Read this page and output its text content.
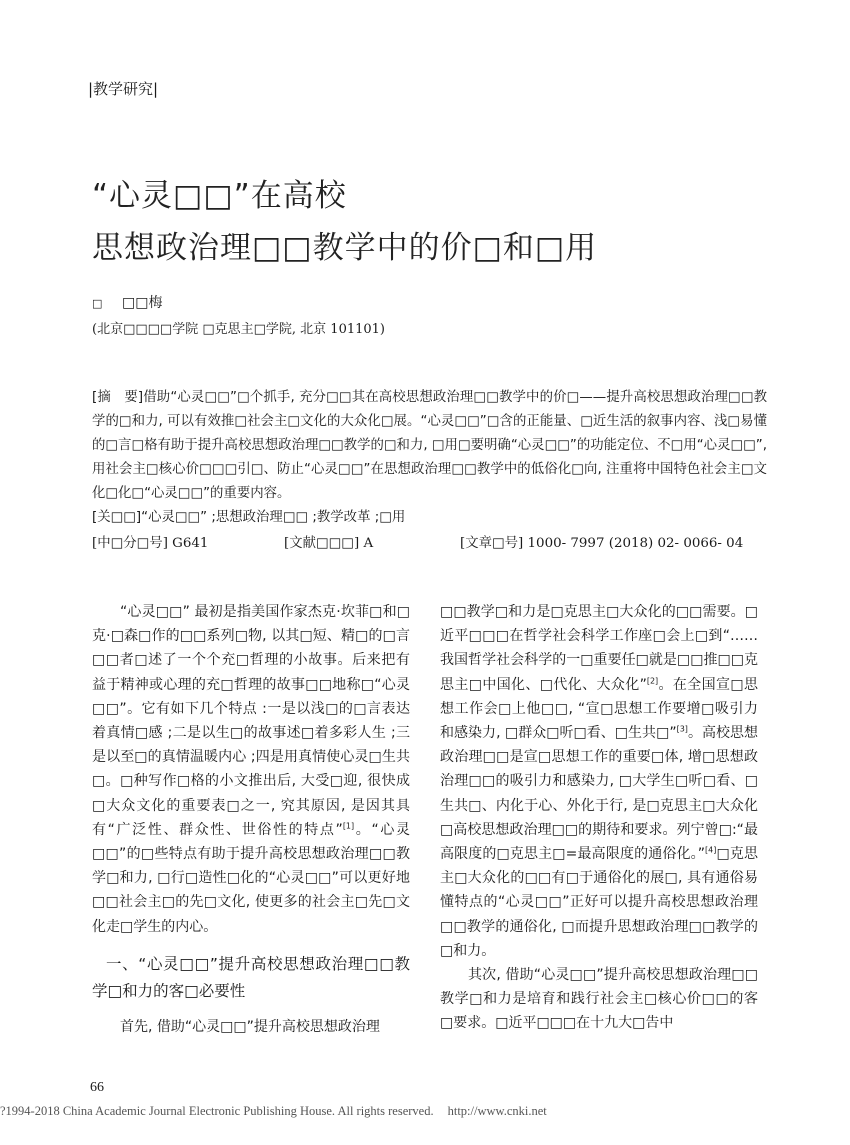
|教学研究|
“心灵□□”在高校
思想政治理□□教学中的价□和□用
□ □□梅
(北京□□□□学院 □克思主□学院, 北京 101101)

[摘　要]借助“心灵□□”□个抓手, 充分□□其在高校思想政治理□□教学中的价□——提升高校思想政治理□□教学的□和力, 可以有效推□社会主□文化的大众化□展。“心灵□□”□含的正能量、□近生活的叙事内容、浅□易懂的□言□格有助于提升高校思想政治理□□教学的□和力, □用□要明确“心灵□□”的功能定位、不□用“心灵□□”, 用社会主□核心价□□□引□、防止“心灵□□”在思想政治理□□教学中的低俗化□向, 注重将中国特色社会主□文化□化□“心灵□□”的重要内容。

[关□□]“心灵□□” ;思想政治理□□ ;教学改革 ;□用

[中□分□号] G641	[文献□□□] A	[文章□号] 1000- 7997 (2018) 02- 0066- 04

“心灵□□” 最初是指美国作家杰克·坎菲□和□克·□森□作的□□系列□物, 以其□短、精□的□言□□者□述了一个个充□哲理的小故事。后来把有益于精神或心理的充□哲理的故事□□地称□“心灵□□”。它有如下几个特点 :一是以浅□的□言表达着真情□感 ;二是以生□的故事述□着多彩人生 ;三是以至□的真情温暖内心 ;四是用真情使心灵□生共□。□种写作□格的小文推出后, 大受□迎, 很快成□大众文化的重要表□之一, 究其原因, 是因其具有“广泛性、群众性、世俗性的特点”[1]。“心灵□□”的□些特点有助于提升高校思想政治理□□教学□和力, □行□造性□化的“心灵□□”可以更好地□□社会主□的先□文化, 使更多的社会主□先□文化走□学生的内心。

一、“心灵□□”提升高校思想政治理□□教学□和力的客□必要性

首先, 借助“心灵□□”提升高校思想政治理

□□教学□和力是□克思主□大众化的□□需要。□近平□□□在哲学社会科学工作座□会上□到“……我国哲学社会科学的一□重要任□就是□□推□□克思主□中国化、□代化、大众化”[2]。在全国宣□思想工作会□上他□□, “宣□思想工作要增□吸引力和感染力, □群众□听□看、□生共□”[3]。高校思想政治理□□是宣□思想工作的重要□体, 增□思想政治理□□的吸引力和感染力, □大学生□听□看、□生共□、内化于心、外化于行, 是□克思主□大众化□高校思想政治理□□的期待和要求。列宁曾□:“最高限度的□克思主□=最高限度的通俗化。”[4]□克思主□大众化的□□有□于通俗化的展□, 具有通俗易懂特点的“心灵□□”正好可以提升高校思想政治理□□教学的通俗化, □而提升思想政治理□□教学的□和力。

其次, 借助“心灵□□”提升高校思想政治理□□教学□和力是培育和践行社会主□核心价□□的客□要求。□近平□□□在十九大□告中

66
?1994-2018 China Academic Journal Electronic Publishing House. All rights reserved. http://www.cnki.net
